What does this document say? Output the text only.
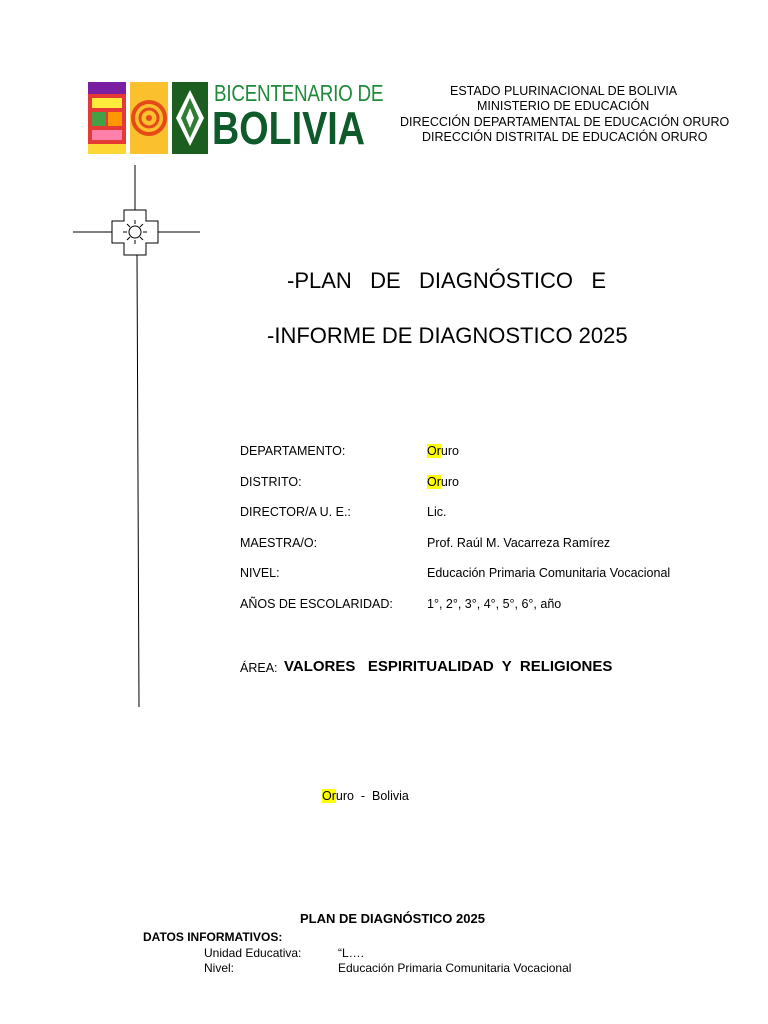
BICENTENARIO DE
BOLIVIA
ESTADO PLURINACIONAL DE BOLIVIA
MINISTERIO DE EDUCACIÓN
DIRECCIÓN DEPARTAMENTAL DE EDUCACIÓN ORURO
DIRECCIÓN DISTRITAL DE EDUCACIÓN ORURO
-PLAN   DE   DIAGNÓSTICO   E
-INFORME DE DIAGNOSTICO 2025
DEPARTAMENTO:	Oruro
DISTRITO:	Oruro
DIRECTOR/A U. E.:	Lic.
MAESTRA/O:	Prof. Raúl M. Vacarreza Ramírez
NIVEL:	Educación Primaria Comunitaria Vocacional
AÑOS DE ESCOLARIDAD:	1°, 2°, 3°, 4°, 5°, 6°, año
ÁREA: VALORES   ESPIRITUALIDAD  Y  RELIGIONES
Oruro  -  Bolivia
PLAN DE DIAGNÓSTICO 2025
DATOS INFORMATIVOS:
Unidad Educativa:	“L….
Nivel:	Educación Primaria Comunitaria Vocacional
